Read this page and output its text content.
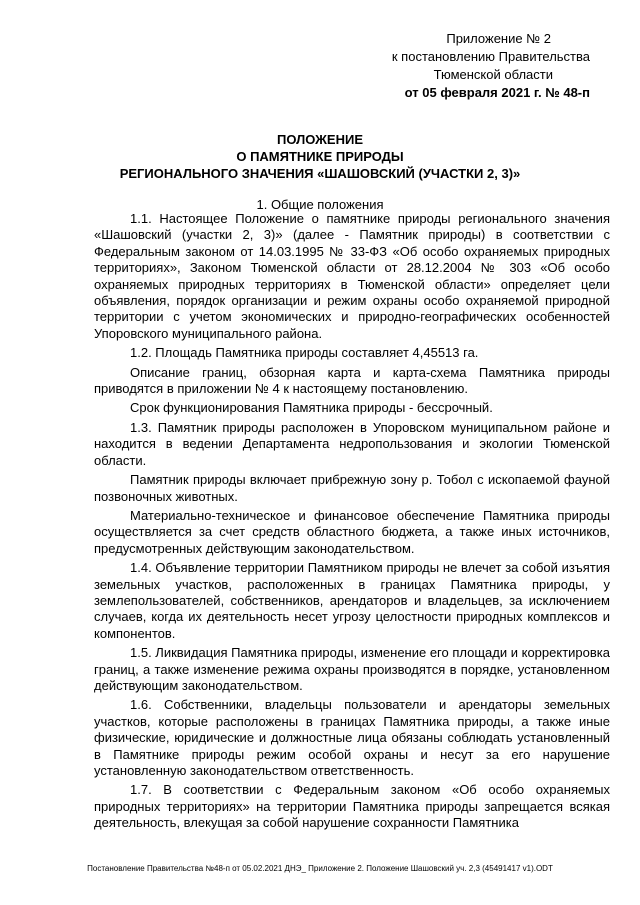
Приложение № 2
к постановлению Правительства
Тюменской области
от 05 февраля 2021 г. № 48-п
ПОЛОЖЕНИЕ
О ПАМЯТНИКЕ ПРИРОДЫ
РЕГИОНАЛЬНОГО ЗНАЧЕНИЯ «ШАШОВСКИЙ (УЧАСТКИ 2, 3)»
1. Общие положения

1.1. Настоящее Положение о памятнике природы регионального значения «Шашовский (участки 2, 3)» (далее - Памятник природы) в соответствии с Федеральным законом от 14.03.1995 № 33-ФЗ «Об особо охраняемых природных территориях», Законом Тюменской области от 28.12.2004 № 303 «Об особо охраняемых природных территориях в Тюменской области» определяет цели объявления, порядок организации и режим охраны особо охраняемой природной территории с учетом экономических и природно-географических особенностей Упоровского муниципального района.

1.2. Площадь Памятника природы составляет 4,45513 га.

Описание границ, обзорная карта и карта-схема Памятника природы приводятся в приложении № 4 к настоящему постановлению.

Срок функционирования Памятника природы - бессрочный.

1.3. Памятник природы расположен в Упоровском муниципальном районе и находится в ведении Департамента недропользования и экологии Тюменской области.

Памятник природы включает прибрежную зону р. Тобол с ископаемой фауной позвоночных животных.

Материально-техническое и финансовое обеспечение Памятника природы осуществляется за счет средств областного бюджета, а также иных источников, предусмотренных действующим законодательством.

1.4. Объявление территории Памятником природы не влечет за собой изъятия земельных участков, расположенных в границах Памятника природы, у землепользователей, собственников, арендаторов и владельцев, за исключением случаев, когда их деятельность несет угрозу целостности природных комплексов и компонентов.

1.5. Ликвидация Памятника природы, изменение его площади и корректировка границ, а также изменение режима охраны производятся в порядке, установленном действующим законодательством.

1.6. Собственники, владельцы пользователи и арендаторы земельных участков, которые расположены в границах Памятника природы, а также иные физические, юридические и должностные лица обязаны соблюдать установленный в Памятнике природы режим особой охраны и несут за его нарушение установленную законодательством ответственность.

1.7. В соответствии с Федеральным законом «Об особо охраняемых природных территориях» на территории Памятника природы запрещается всякая деятельность, влекущая за собой нарушение сохранности Памятника

Постановление Правительства №48-п от 05.02.2021 ДНЭ_ Приложение 2. Положение Шашовский уч. 2,3 (45491417 v1).ODT
